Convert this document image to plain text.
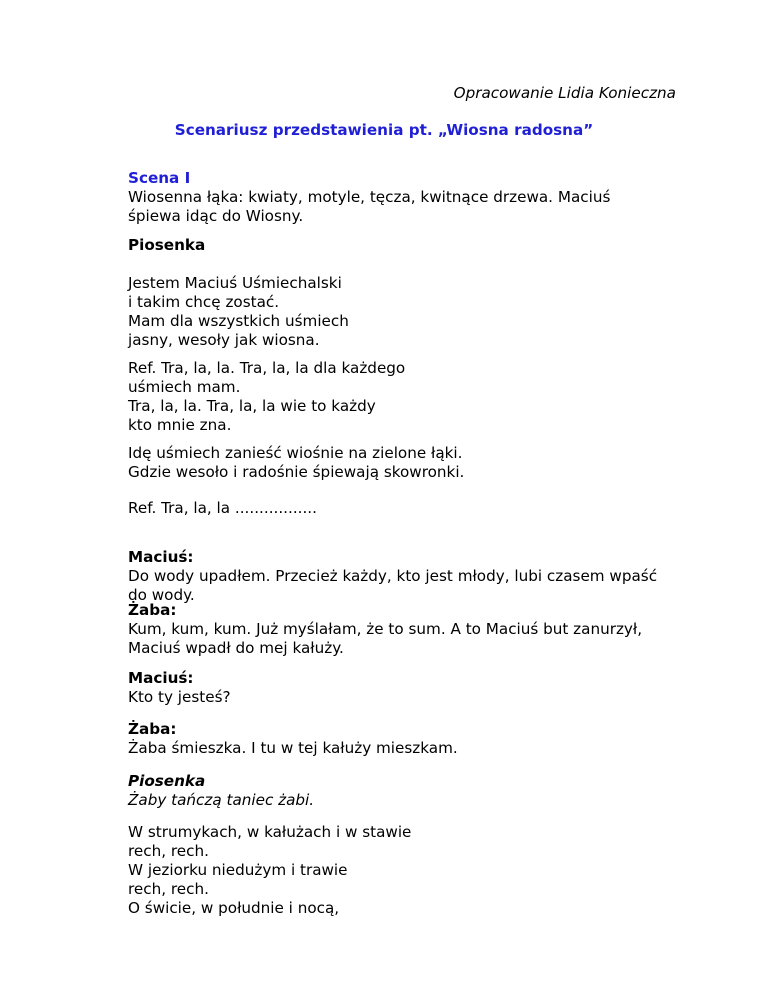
Opracowanie Lidia Konieczna

Scenariusz przedstawienia pt. „Wiosna radosna”

Scena I

Wiosenna łąka: kwiaty, motyle, tęcza, kwitnące drzewa. Maciuś

śpiewa idąc do Wiosny.

Piosenka

Jestem Maciuś Uśmiechalski

i takim chcę zostać.

Mam dla wszystkich uśmiech

jasny, wesoły jak wiosna.

Ref. Tra, la, la. Tra, la, la dla każdego

uśmiech mam.

Tra, la, la. Tra, la, la wie to każdy

kto mnie zna.

Idę uśmiech zanieść wiośnie na zielone łąki.

Gdzie wesoło i radośnie śpiewają skowronki.

Ref. Tra, la, la .................

Maciuś:

Do wody upadłem. Przecież każdy, kto jest młody, lubi czasem wpaść

do wody.

Żaba:

Kum, kum, kum. Już myślałam, że to sum. A to Maciuś but zanurzył,

Maciuś wpadł do mej kałuży.

Maciuś:

Kto ty jesteś?

Żaba:

Żaba śmieszka. I tu w tej kałuży mieszkam.

Piosenka

Żaby tańczą taniec żabi.

W strumykach, w kałużach i w stawie

rech, rech.

W jeziorku niedużym i trawie

rech, rech.

O świcie, w południe i nocą,
